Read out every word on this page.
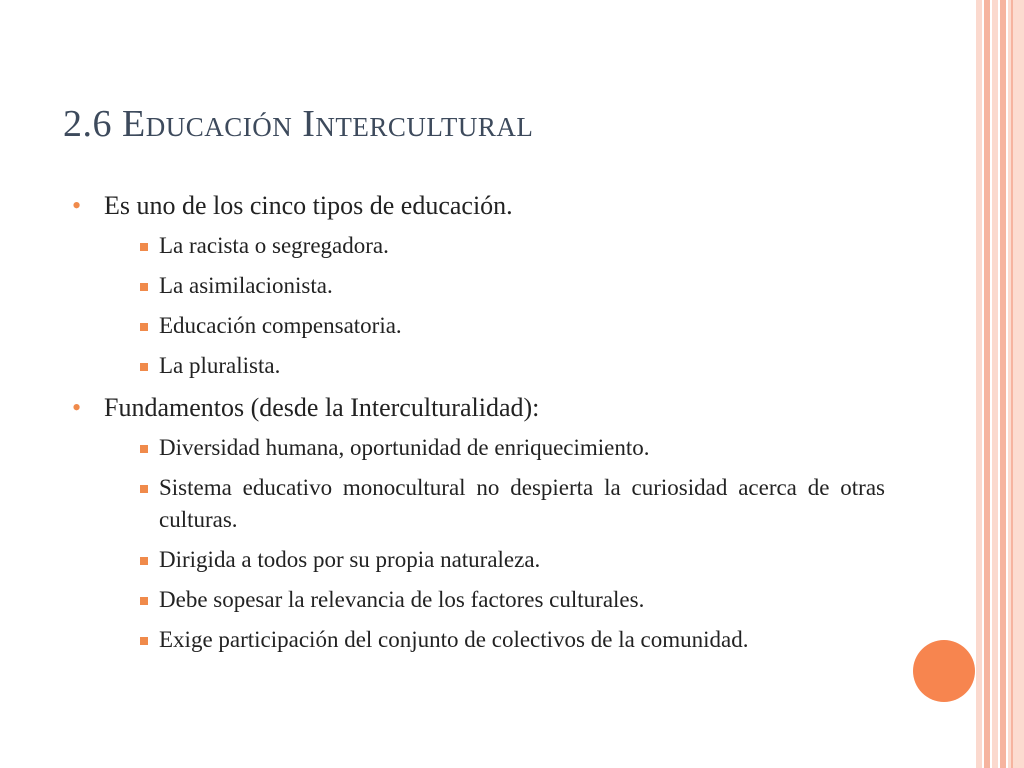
2.6 Educación Intercultural
• Es uno de los cinco tipos de educación.
La racista o segregadora.
La asimilacionista.
Educación compensatoria.
La pluralista.
• Fundamentos (desde la Interculturalidad):
Diversidad humana, oportunidad de enriquecimiento.
Sistema educativo monocultural no despierta la curiosidad acerca de otras culturas.
Dirigida a todos por su propia naturaleza.
Debe sopesar la relevancia de los factores culturales.
Exige participación del conjunto de colectivos de la comunidad.
